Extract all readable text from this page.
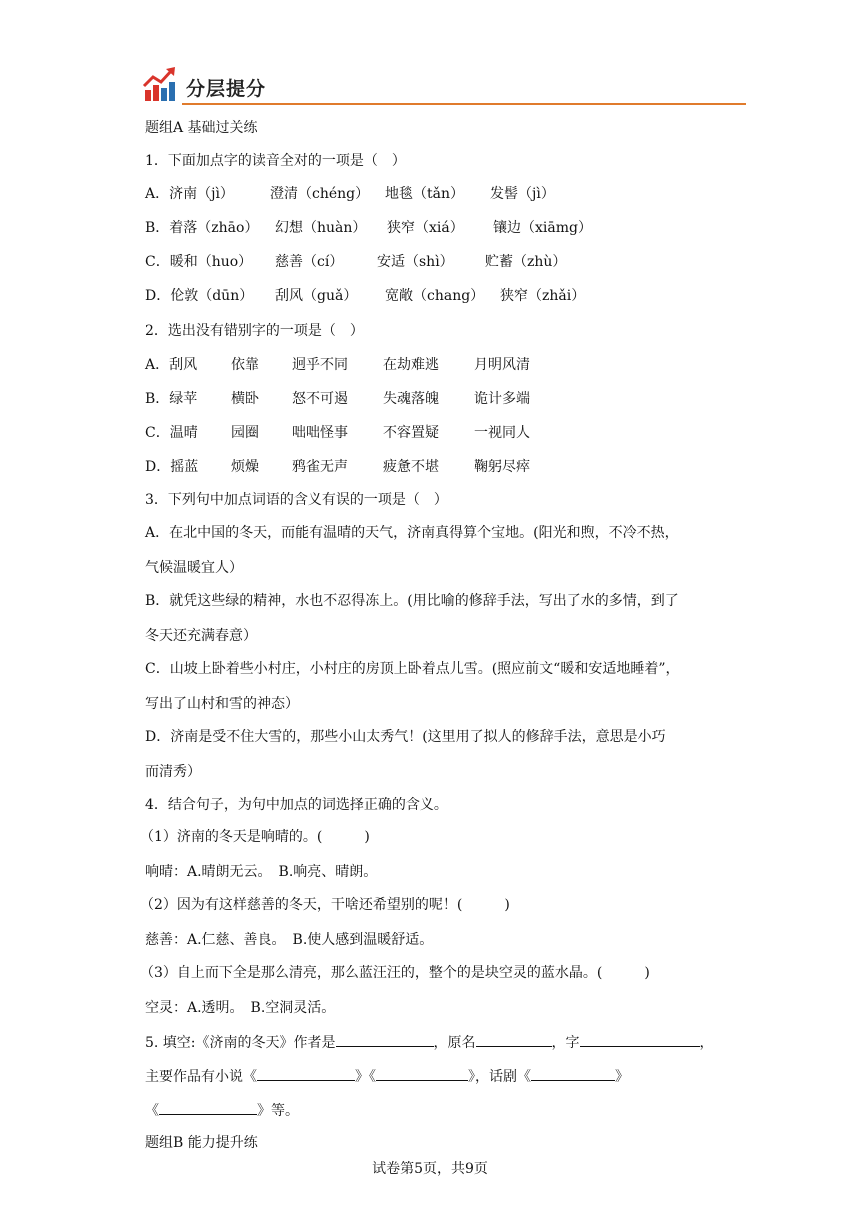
分层提分
题组A 基础过关练
1．下面加点字的读音全对的一项是（　）
A．济南（jì）	澄清（chéng） 地毯（tǎn） 发髻（jì）
B．着落（zhāo） 幻想（huàn） 狭窄（xiá） 镶边（xiāmg）
C．暖和（huo） 慈善（cí） 安适（shì） 贮蓄（zhù）
D．伦敦（dūn） 刮风（guǎ） 宽敞（chang） 狭窄（zhǎi）
2．选出没有错别字的一项是（　）
A．刮风 依靠 迥乎不同	在劫难逃	月明风清
B．绿苹 横卧 怒不可遏	失魂落魄	诡计多端
C．温晴 园圈 咄咄怪事	不容置疑	一视同人
D．摇蓝 烦燥 鸦雀无声	疲惫不堪	鞠躬尽瘁
3．下列句中加点词语的含义有误的一项是（　）
A．在北中国的冬天，而能有温晴的天气，济南真得算个宝地。(阳光和煦，不冷不热，
气候温暖宜人）
B．就凭这些绿的精神，水也不忍得冻上。(用比喻的修辞手法，写出了水的多情，到了
冬天还充满春意）
C．山坡上卧着些小村庄，小村庄的房顶上卧着点儿雪。(照应前文“暖和安适地睡着”，
写出了山村和雪的神态）
D．济南是受不住大雪的，那些小山太秀气！(这里用了拟人的修辞手法，意思是小巧
而清秀）
4．结合句子，为句中加点的词选择正确的含义。
（1）济南的冬天是响晴的。(　　　)
响晴：A.晴朗无云。　B.响亮、晴朗。
（2）因为有这样慈善的冬天，干啥还希望别的呢！(　　　)
慈善：A.仁慈、善良。　B.使人感到温暖舒适。
（3）自上而下全是那么清亮，那么蓝汪汪的，整个的是块空灵的蓝水晶。(　　　)
空灵：A.透明。　B.空洞灵活。
5. 填空:《济南的冬天》作者是	，原名	，字	，
主要作品有小说《	》《	》，话剧《	》
《	》等。
题组B 能力提升练
试卷第5页，共9页
